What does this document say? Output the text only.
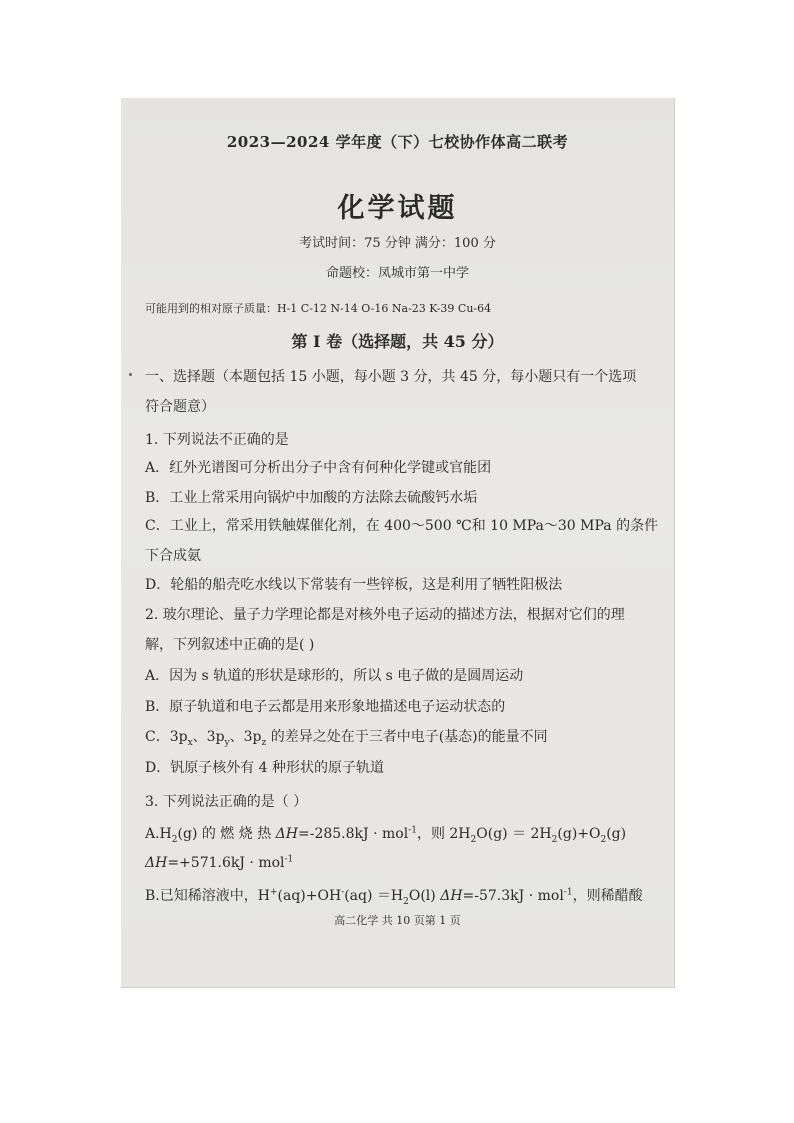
2023—2024 学年度（下）七校协作体高二联考
化学试题
考试时间：75 分钟 满分：100 分
命题校：凤城市第一中学
可能用到的相对原子质量：H-1 C-12 N-14 O-16 Na-23 K-39 Cu-64
第 Ⅰ 卷（选择题，共 45 分）
一、选择题（本题包括 15 小题，每小题 3 分，共 45 分，每小题只有一个选项
符合题意）
1. 下列说法不正确的是
A．红外光谱图可分析出分子中含有何种化学键或官能团
B．工业上常采用向锅炉中加酸的方法除去硫酸钙水垢
C．工业上，常采用铁触媒催化剂，在 400～500 ℃和 10 MPa～30 MPa 的条件
下合成氨
D．轮船的船壳吃水线以下常装有一些锌板，这是利用了牺牲阳极法
2. 玻尔理论、量子力学理论都是对核外电子运动的描述方法，根据对它们的理
解，下列叙述中正确的是( )
A．因为 s 轨道的形状是球形的，所以 s 电子做的是圆周运动
B．原子轨道和电子云都是用来形象地描述电子运动状态的
C．$3p_x$、$3p_y$、$3p_z$ 的差异之处在于三者中电子(基态)的能量不同
D．钒原子核外有 4 种形状的原子轨道
3. 下列说法正确的是（ ）
$A.H_2(g)$ 的 燃 烧 热 ΔH=-285.8kJ · mol$^{-1}$，则 $2H_2O(g) = 2H_2(g)+O_2(g)$
ΔH=+571.6kJ · mol$^{-1}$
B.已知稀溶液中，$H^+(aq)+OH^-(aq) =H_2O(l) \Delta H=-57.3kJ \cdot mol^{-1}$，则稀醋酸
高二化学 共 10 页第 1 页
